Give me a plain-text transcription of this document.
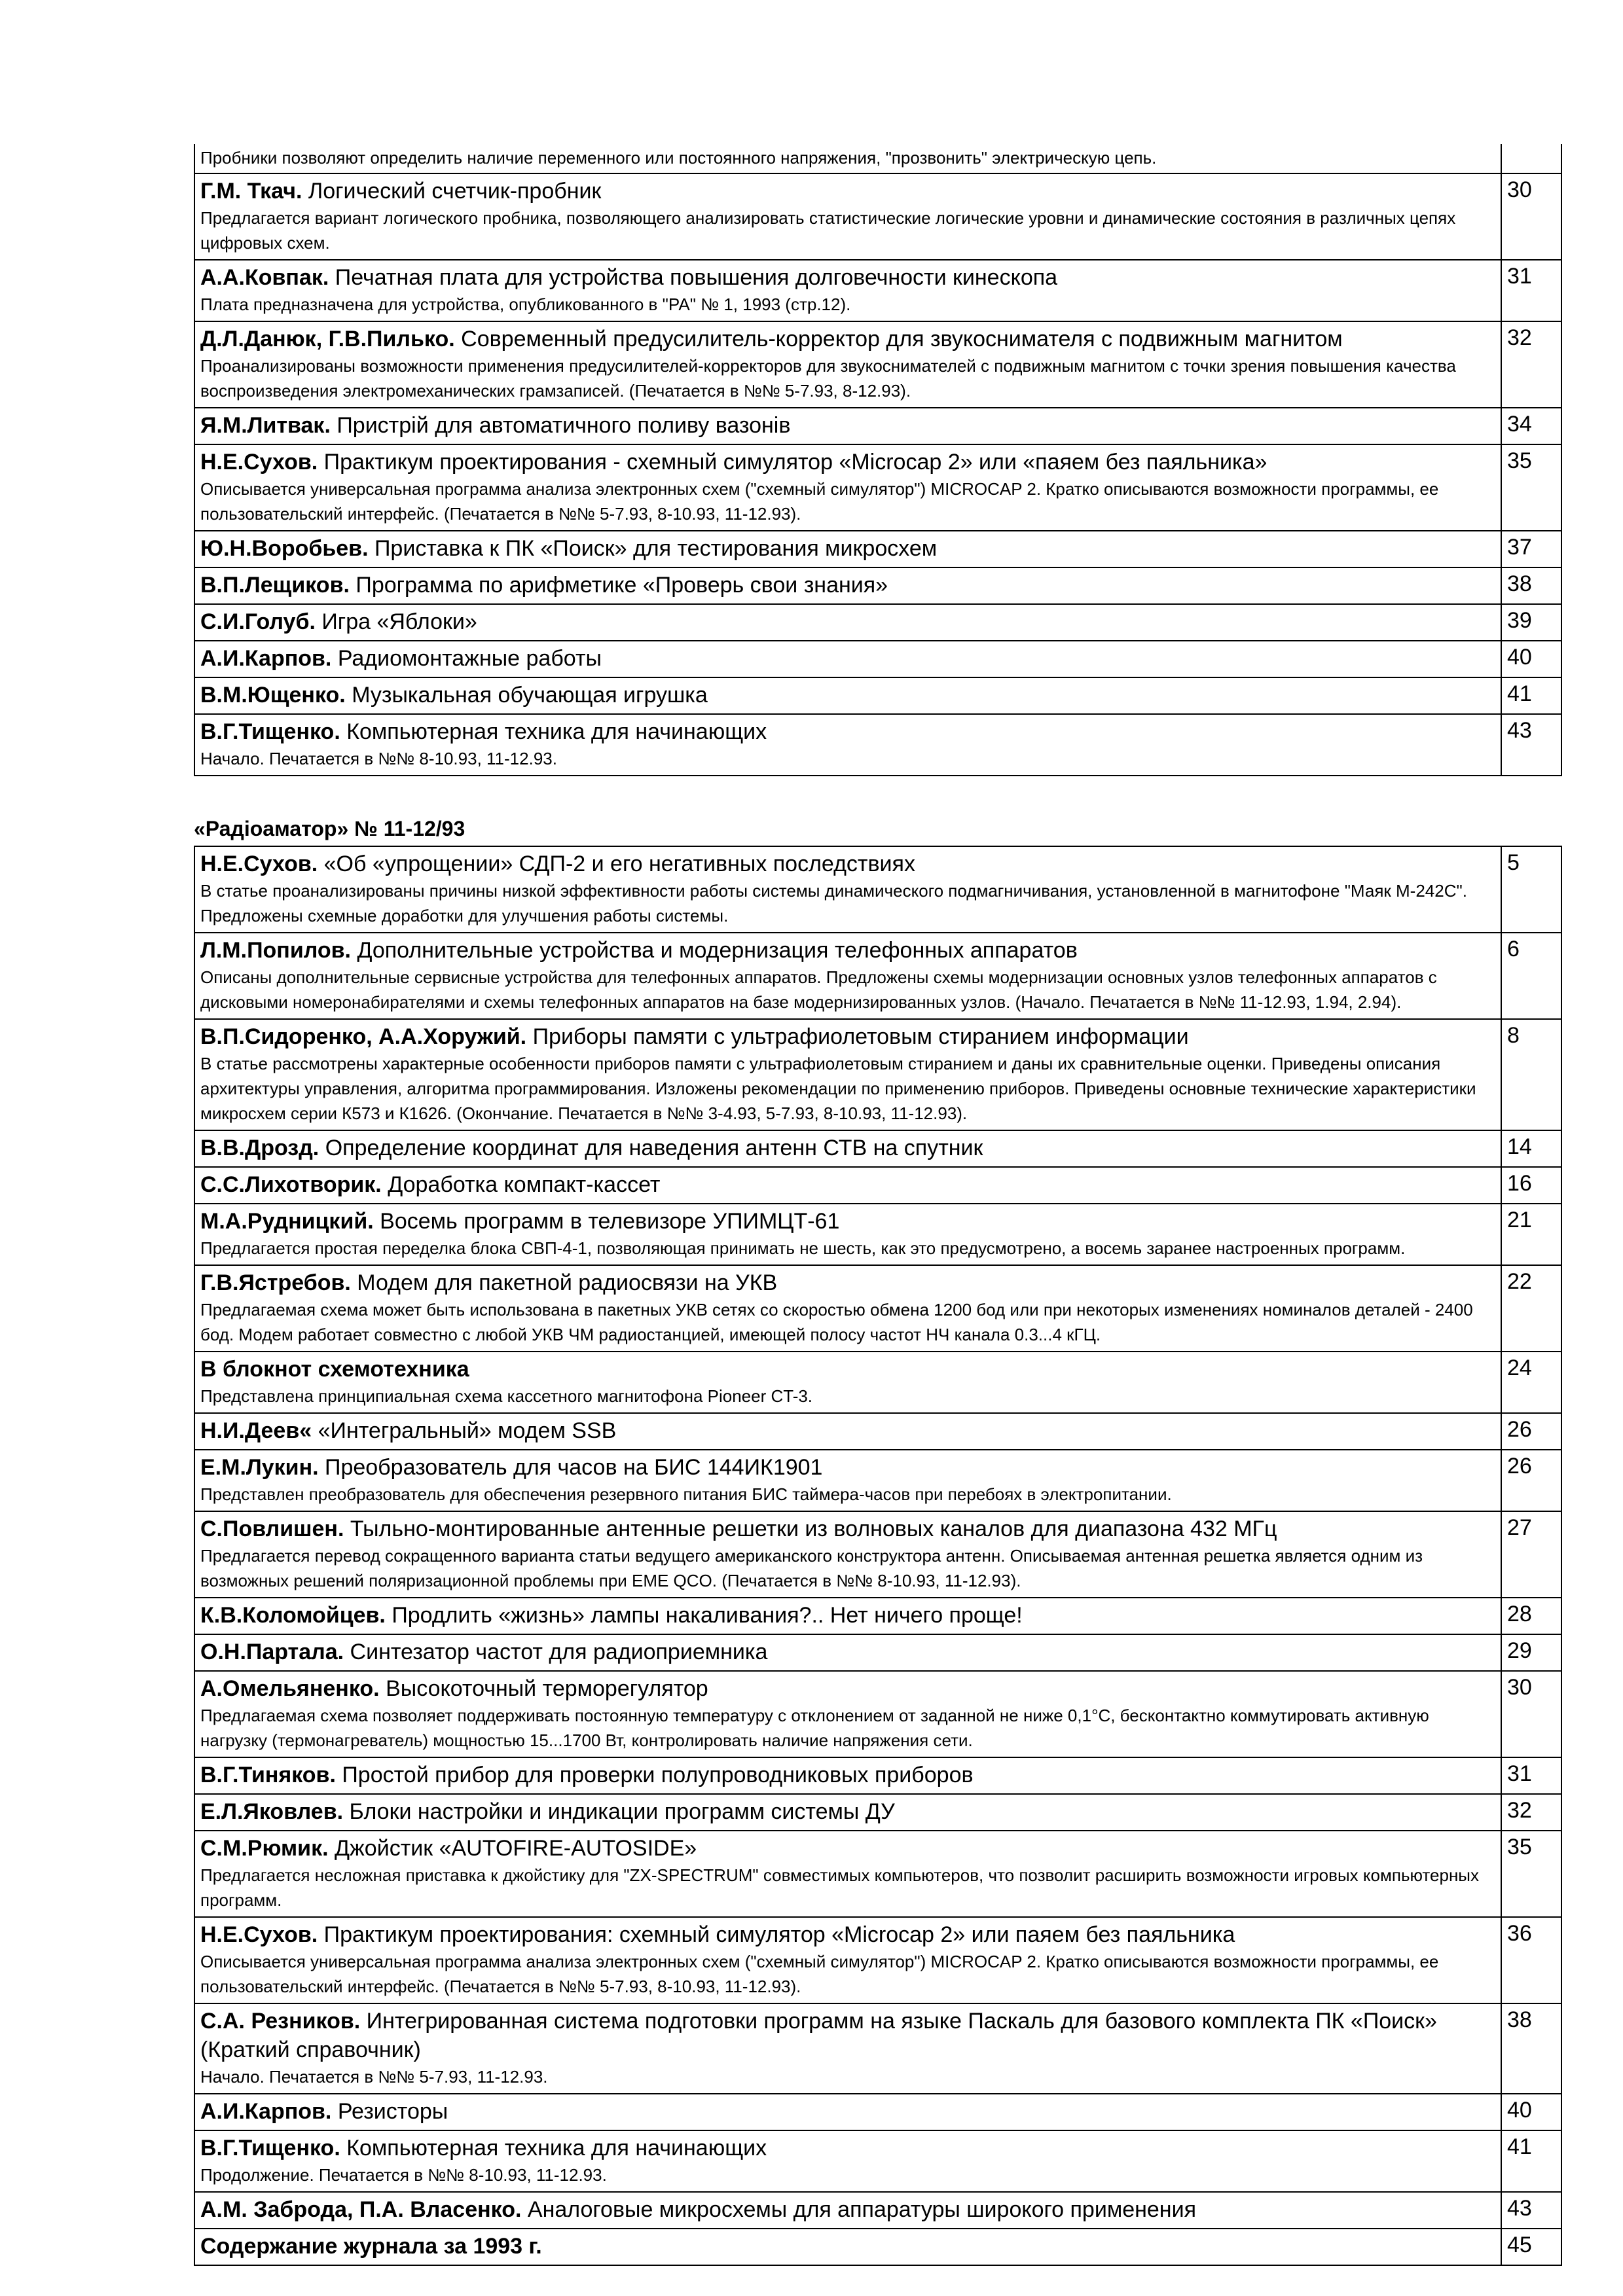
Пробники позволяют определить наличие переменного или постоянного напряжения, "прозвонить" электрическую цепь.	

Г.М. Ткач. Логический счетчик-пробник
Предлагается вариант логического пробника, позволяющего анализировать статистические логические уровни и динамические состояния в различных цепях цифровых схем.	30

А.А.Ковпак. Печатная плата для устройства повышения долговечности кинескопа
Плата предназначена для устройства, опубликованного в "РА" № 1, 1993 (стр.12).	31

Д.Л.Данюк, Г.В.Пилько. Современный предусилитель-корректор для звукоснимателя с подвижным магнитом
Проанализированы возможности применения предусилителей-корректоров для звукоснимателей с подвижным магнитом с точки зрения повышения качества воспроизведения электромеханических грамзаписей. (Печатается в №№ 5-7.93, 8-12.93).	32

Я.М.Литвак. Пристрій для автоматичного поливу вазонів	34

Н.Е.Сухов. Практикум проектирования - схемный симулятор «Microcap 2» или «паяем без паяльника»
Описывается универсальная программа анализа электронных схем ("схемный симулятор") MICROCAP 2. Кратко описываются возможности программы, ее пользовательский интерфейс. (Печатается в №№ 5-7.93, 8-10.93, 11-12.93).	35

Ю.Н.Воробьев. Приставка к ПК «Поиск» для тестирования микросхем	37

В.П.Лещиков. Программа по арифметике «Проверь свои знания»	38

С.И.Голуб. Игра «Яблоки»	39

А.И.Карпов. Радиомонтажные работы	40

В.М.Ющенко. Музыкальная обучающая игрушка	41

В.Г.Тищенко. Компьютерная техника для начинающих
Начало. Печатается в №№ 8-10.93, 11-12.93.	43
«Радіоаматор» № 11-12/93
Н.Е.Сухов. «Об «упрощении» СДП-2 и его негативных последствиях
В статье проанализированы причины низкой эффективности работы системы динамического подмагничивания, установленной в магнитофоне "Маяк М-242С". Предложены схемные доработки для улучшения работы системы.	5

Л.М.Попилов. Дополнительные устройства и модернизация телефонных аппаратов
Описаны дополнительные сервисные устройства для телефонных аппаратов. Предложены схемы модернизации основных узлов телефонных аппаратов с дисковыми номеронабирателями и схемы телефонных аппаратов на базе модернизированных узлов. (Начало. Печатается в №№ 11-12.93, 1.94, 2.94).	6

В.П.Сидоренко, А.А.Хоружий. Приборы памяти с ультрафиолетовым стиранием информации
В статье рассмотрены характерные особенности приборов памяти с ультрафиолетовым стиранием и даны их сравнительные оценки. Приведены описания архитектуры управления, алгоритма программирования. Изложены рекомендации по применению приборов. Приведены основные технические характеристики микросхем серии К573 и К1626. (Окончание. Печатается в №№ 3-4.93, 5-7.93, 8-10.93, 11-12.93).	8

В.В.Дрозд. Определение координат для наведения антенн СТВ на спутник	14

С.С.Лихотворик. Доработка компакт-кассет	16

М.А.Рудницкий. Восемь программ в телевизоре УПИМЦТ-61
Предлагается простая переделка блока СВП-4-1, позволяющая принимать не шесть, как это предусмотрено, а восемь заранее настроенных программ.	21

Г.В.Ястребов. Модем для пакетной радиосвязи на УКВ
Предлагаемая схема может быть использована в пакетных УКВ сетях со скоростью обмена 1200 бод или при некоторых изменениях номиналов деталей - 2400 бод. Модем работает совместно с любой УКВ ЧМ радиостанцией, имеющей полосу частот НЧ канала 0.3...4 кГЦ.	22

В блокнот схемотехника
Представлена принципиальная схема кассетного магнитофона Pioneer CT-3.	24

Н.И.Деев« «Интегральный» модем SSB	26

Е.М.Лукин. Преобразователь для часов на БИС 144ИК1901
Представлен преобразователь для обеспечения резервного питания БИС таймера-часов при перебоях в электропитании.	26

С.Повлишен. Тыльно-монтированные антенные решетки из волновых каналов для диапазона 432 МГц
Предлагается перевод сокращенного варианта статьи ведущего американского конструктора антенн. Описываемая антенная решетка является одним из возможных решений поляризационной проблемы при EME QCO. (Печатается в №№ 8-10.93, 11-12.93).	27

К.В.Коломойцев. Продлить «жизнь» лампы накаливания?.. Нет ничего проще!	28

О.Н.Партала. Синтезатор частот для радиоприемника	29

А.Омельяненко. Высокоточный терморегулятор
Предлагаемая схема позволяет поддерживать постоянную температуру с отклонением от заданной не ниже 0,1°С, бесконтактно коммутировать активную нагрузку (термонагреватель) мощностью 15...1700 Вт, контролировать наличие напряжения сети.	30

В.Г.Тиняков. Простой прибор для проверки полупроводниковых приборов	31

Е.Л.Яковлев. Блоки настройки и индикации программ системы ДУ	32

С.М.Рюмик. Джойстик «AUTOFIRE-AUTOSIDE»
Предлагается несложная приставка к джойстику для "ZX-SPECTRUM" совместимых компьютеров, что позволит расширить возможности игровых компьютерных программ.	35

Н.Е.Сухов. Практикум проектирования: схемный симулятор «Microcap 2» или паяем без паяльника
Описывается универсальная программа анализа электронных схем ("схемный симулятор") MICROCAP 2. Кратко описываются возможности программы, ее пользовательский интерфейс. (Печатается в №№ 5-7.93, 8-10.93, 11-12.93).	36

С.А. Резников. Интегрированная система подготовки программ на языке Паскаль для базового комплекта ПК «Поиск» (Краткий справочник)
Начало. Печатается в №№ 5-7.93, 11-12.93.	38

А.И.Карпов. Резисторы	40

В.Г.Тищенко. Компьютерная техника для начинающих
Продолжение. Печатается в №№ 8-10.93, 11-12.93.	41

А.М. Заброда, П.А. Власенко. Аналоговые микросхемы для аппаратуры широкого применения	43

Содержание журнала за 1993 г.	45
